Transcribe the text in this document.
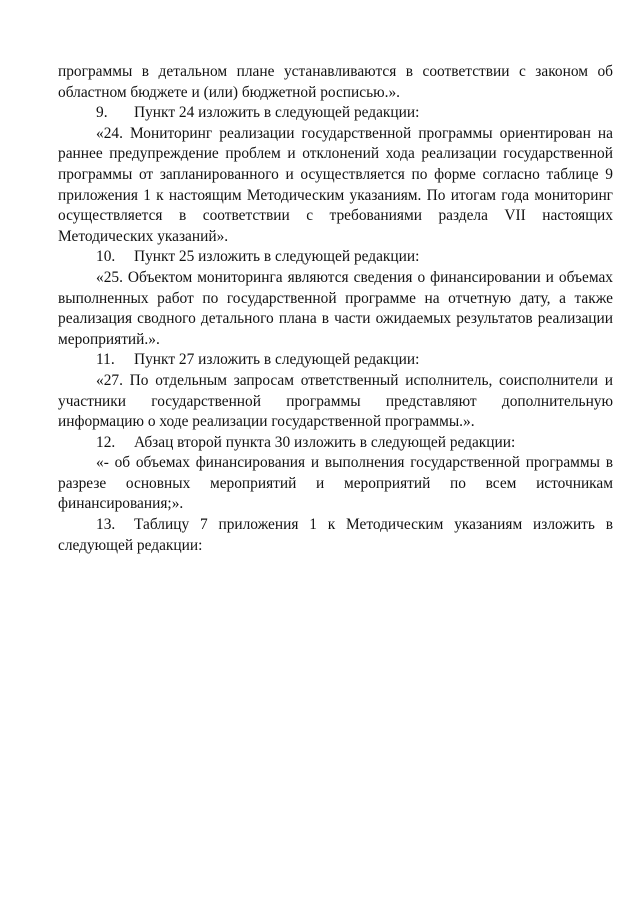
программы в детальном плане устанавливаются в соответствии с законом об областном бюджете и (или) бюджетной росписью.».

9. Пункт 24 изложить в следующей редакции:

«24. Мониторинг реализации государственной программы ориентирован на раннее предупреждение проблем и отклонений хода реализации государственной программы от запланированного и осуществляется по форме согласно таблице 9 приложения 1 к настоящим Методическим указаниям. По итогам года мониторинг осуществляется в соответствии с требованиями раздела VII настоящих Методических указаний».

10. Пункт 25 изложить в следующей редакции:

«25. Объектом мониторинга являются сведения о финансировании и объемах выполненных работ по государственной программе на отчетную дату, а также реализация сводного детального плана в части ожидаемых результатов реализации мероприятий.».

11. Пункт 27 изложить в следующей редакции:

«27. По отдельным запросам ответственный исполнитель, соисполнители и участники государственной программы представляют дополнительную информацию о ходе реализации государственной программы.».

12. Абзац второй пункта 30 изложить в следующей редакции:

«- об объемах финансирования и выполнения государственной программы в разрезе основных мероприятий и мероприятий по всем источникам финансирования;».

13. Таблицу 7 приложения 1 к Методическим указаниям изложить в следующей редакции:
